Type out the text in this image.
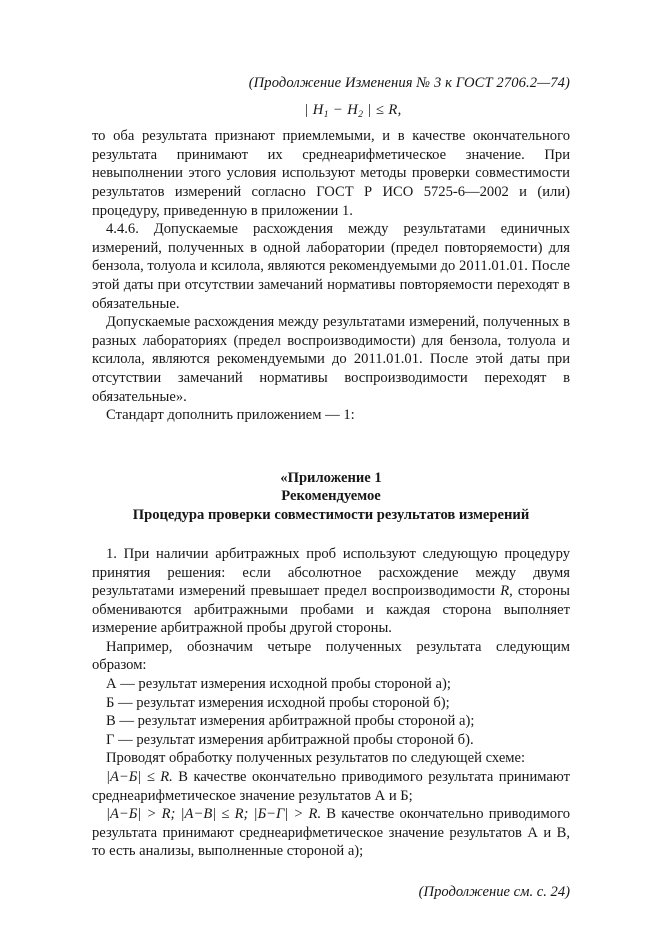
(Продолжение Изменения № 3 к ГОСТ 2706.2—74)
| $H_1 - H_2$ | ≤ R,

то оба результата признают приемлемыми, и в качестве окончательного результата принимают их среднеарифметическое значение. При невыполнении этого условия используют методы проверки совместимости результатов измерений согласно ГОСТ Р ИСО 5725-6—2002 и (или) процедуру, приведенную в приложении 1.

4.4.6. Допускаемые расхождения между результатами единичных измерений, полученных в одной лаборатории (предел повторяемости) для бензола, толуола и ксилола, являются рекомендуемыми до 2011.01.01. После этой даты при отсутствии замечаний нормативы повторяемости переходят в обязательные.

Допускаемые расхождения между результатами измерений, полученных в разных лабораториях (предел воспроизводимости) для бензола, толуола и ксилола, являются рекомендуемыми до 2011.01.01. После этой даты при отсутствии замечаний нормативы воспроизводимости переходят в обязательные».

Стандарт дополнить приложением — 1:

«Приложение 1
Рекомендуемое
Процедура проверки совместимости результатов измерений

1. При наличии арбитражных проб используют следующую процедуру принятия решения: если абсолютное расхождение между двумя результатами измерений превышает предел воспроизводимости R, стороны обмениваются арбитражными пробами и каждая сторона выполняет измерение арбитражной пробы другой стороны.

Например, обозначим четыре полученных результата следующим образом:

А — результат измерения исходной пробы стороной а);
Б — результат измерения исходной пробы стороной б);
В — результат измерения арбитражной пробы стороной а);
Г — результат измерения арбитражной пробы стороной б).

Проводят обработку полученных результатов по следующей схеме:

|А−Б| ≤ R. В качестве окончательно приводимого результата принимают среднеарифметическое значение результатов А и Б;

|А−Б| > R; |А−В| ≤ R; |Б−Г| > R. В качестве окончательно приводимого результата принимают среднеарифметическое значение результатов А и В, то есть анализы, выполненные стороной а);

(Продолжение см. с. 24)
